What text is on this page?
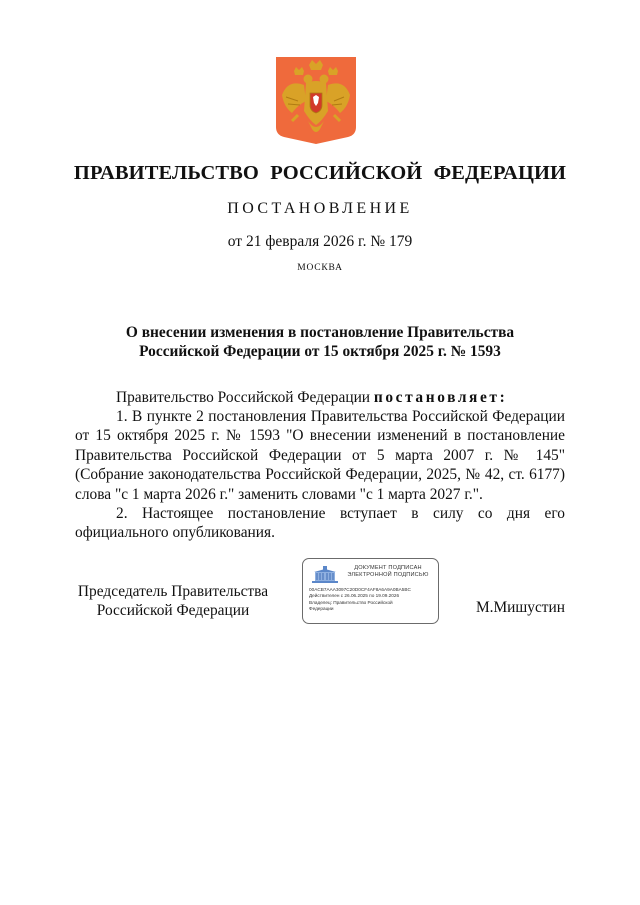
ПРАВИТЕЛЬСТВО РОССИЙСКОЙ ФЕДЕРАЦИИ
ПОСТАНОВЛЕНИЕ
от 21 февраля 2026 г. № 179
МОСКВА
О внесении изменения в постановление Правительства
Российской Федерации от 15 октября 2025 г. № 1593
Правительство Российской Федерации постановляет:

1. В пункте 2 постановления Правительства Российской Федерации от 15 октября 2025 г. № 1593 "О внесении изменений в постановление Правительства Российской Федерации от 5 марта 2007 г. № 145" (Собрание законодательства Российской Федерации, 2025, № 42, ст. 6177) слова "с 1 марта 2026 г." заменить словами "с 1 марта 2027 г.".

2. Настоящее постановление вступает в силу со дня его официального опубликования.

Председатель Правительства
Российской Федерации
ДОКУМЕНТ ПОДПИСАН
ЭЛЕКТРОННОЙ ПОДПИСЬЮ
00ACB7AAA3097C20D0CF4AF8A6A9A0BA5BC
Действителен с 26.06.2025 по 19.09.2026
Владелец: Правительство Российской
Федерации	М.Мишустин
